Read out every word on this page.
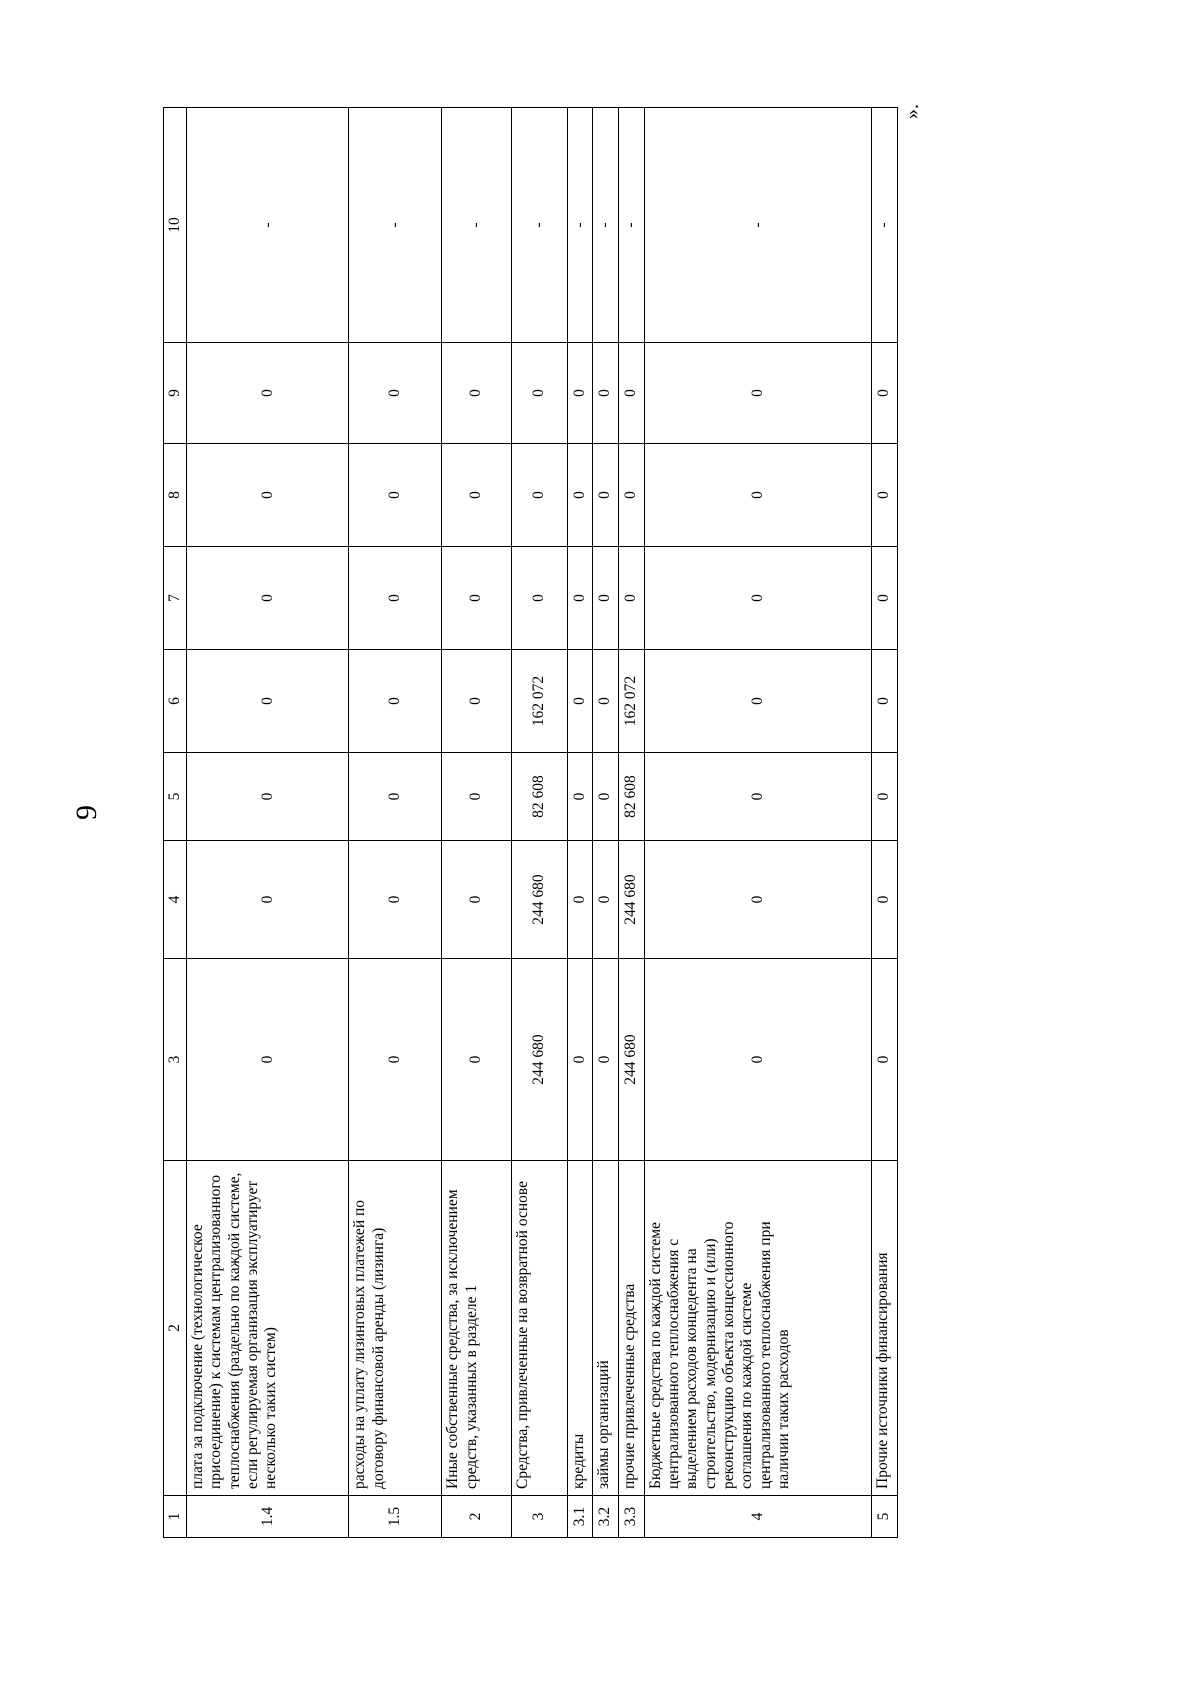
9
».
1	2	3	4	5	6	7	8	9	10
1.4	плата за подключение (технологическое присоединение) к системам централизованного теплоснабжения (раздельно по каждой системе, если регулируемая организация эксплуатирует несколько таких систем)	0	0	0	0	0	0	0	-
1.5	расходы на уплату лизинговых платежей по договору финансовой аренды (лизинга)	0	0	0	0	0	0	0	-
2	Иные собственные средства, за исключением средств, указанных в разделе 1	0	0	0	0	0	0	0	-
3	Средства, привлеченные на возвратной основе	244 680	244 680	82 608	162 072	0	0	0	-
3.1	кредиты	0	0	0	0	0	0	0	-
3.2	займы организаций	0	0	0	0	0	0	0	-
3.3	прочие привлеченные средства	244 680	244 680	82 608	162 072	0	0	0	-
4	Бюджетные средства по каждой системе централизованного теплоснабжения с выделением расходов концедента на строительство, модернизацию и (или) реконструкцию объекта концессионного соглашения по каждой системе централизованного теплоснабжения при наличии таких расходов	0	0	0	0	0	0	0	-
5	Прочие источники финансирования	0	0	0	0	0	0	0	-
